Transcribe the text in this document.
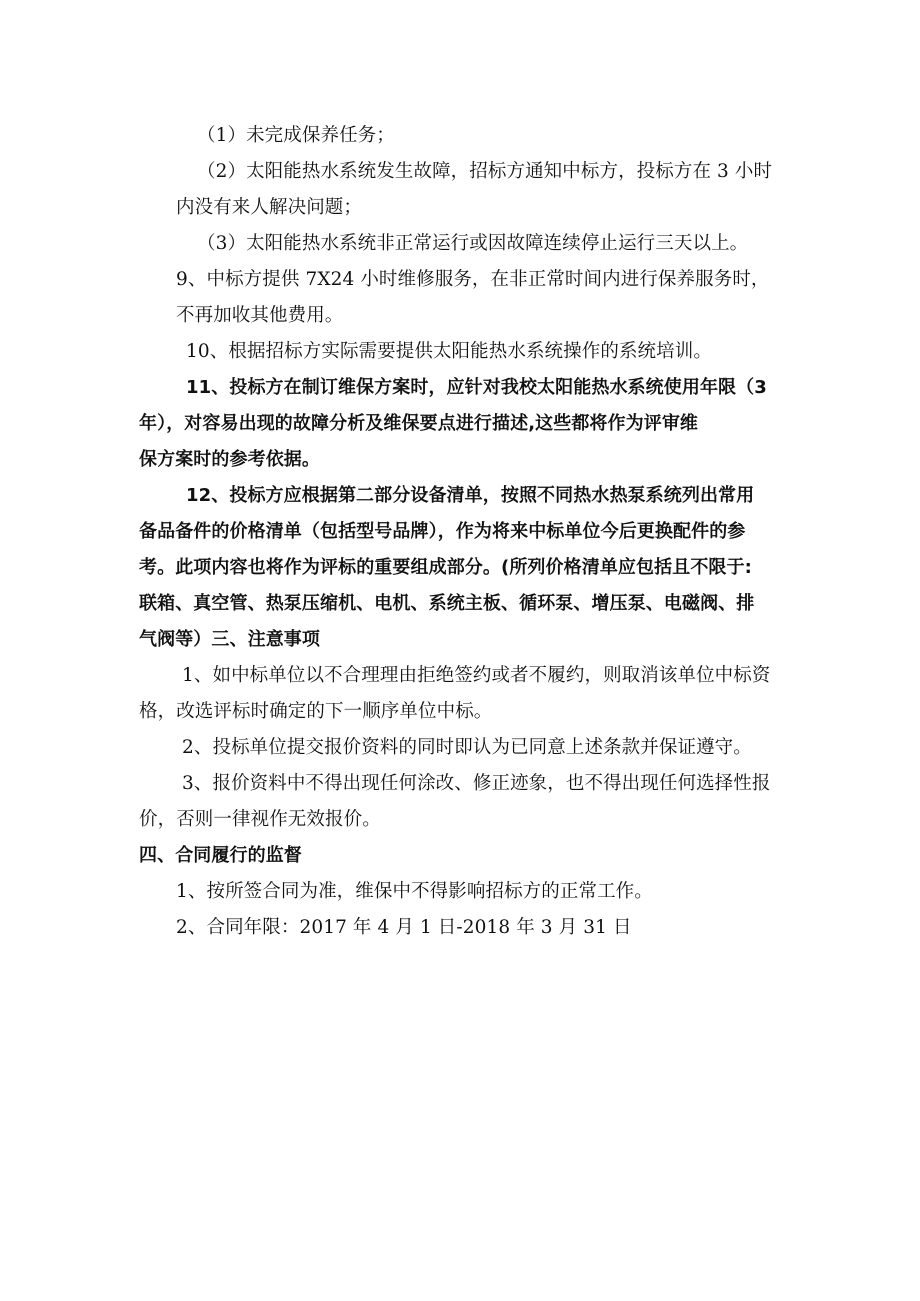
（1）未完成保养任务；
（2）太阳能热水系统发生故障，招标方通知中标方，投标方在 3 小时
内没有来人解决问题；
（3）太阳能热水系统非正常运行或因故障连续停止运行三天以上。
9、中标方提供 7X24 小时维修服务，在非正常时间内进行保养服务时，
不再加收其他费用。
10、根据招标方实际需要提供太阳能热水系统操作的系统培训。
11、投标方在制订维保方案时，应针对我校太阳能热水系统使用年限（3
年），对容易出现的故障分析及维保要点进行描述,这些都将作为评审维
保方案时的参考依据。
12、投标方应根据第二部分设备清单，按照不同热水热泵系统列出常用
备品备件的价格清单（包括型号品牌），作为将来中标单位今后更换配件的参
考。此项内容也将作为评标的重要组成部分。(所列价格清单应包括且不限于:
联箱、真空管、热泵压缩机、电机、系统主板、循环泵、增压泵、电磁阀、排
气阀等）三、注意事项
1、如中标单位以不合理理由拒绝签约或者不履约，则取消该单位中标资
格，改选评标时确定的下一顺序单位中标。
2、投标单位提交报价资料的同时即认为已同意上述条款并保证遵守。
3、报价资料中不得出现任何涂改、修正迹象，也不得出现任何选择性报
价，否则一律视作无效报价。
四、合同履行的监督
1、按所签合同为准，维保中不得影响招标方的正常工作。
2、合同年限：2017 年 4 月 1 日-2018 年 3 月 31 日
